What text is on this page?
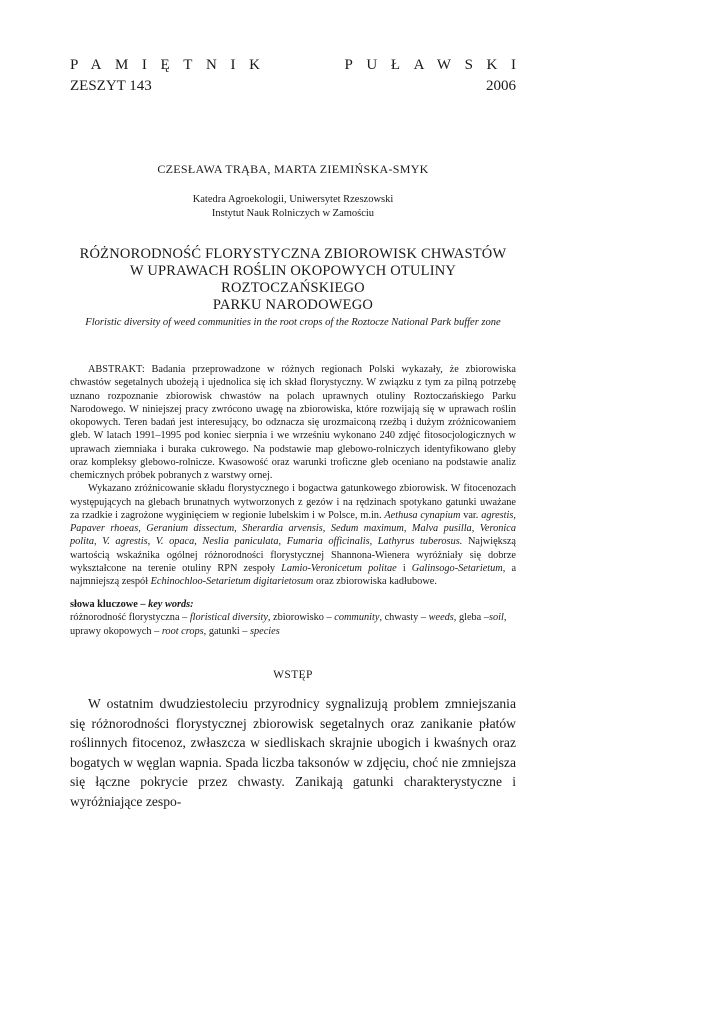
PAMIĘTNIK	PUŁAWSKI
ZESZYT 143	2006
CZESŁAWA TRĄBA, MARTA ZIEMIŃSKA-SMYK
Katedra Agroekologii, Uniwersytet Rzeszowski
Instytut Nauk Rolniczych w Zamościu
RÓŻNORODNOŚĆ FLORYSTYCZNA ZBIOROWISK CHWASTÓW
W UPRAWACH ROŚLIN OKOPOWYCH OTULINY ROZTOCZAŃSKIEGO
PARKU NARODOWEGO
Floristic diversity of weed communities in the root crops of the Roztocze National Park buffer zone

ABSTRAKT: Badania przeprowadzone w różnych regionach Polski wykazały, że zbiorowiska chwastów segetalnych ubożeją i ujednolica się ich skład florystyczny. W związku z tym za pilną potrzebę uznano rozpoznanie zbiorowisk chwastów na polach uprawnych otuliny Roztoczańskiego Parku Narodowego. W niniejszej pracy zwrócono uwagę na zbiorowiska, które rozwijają się w uprawach roślin okopowych. Teren badań jest interesujący, bo odznacza się urozmaiconą rzeźbą i dużym zróżnicowaniem gleb. W latach 1991–1995 pod koniec sierpnia i we wrześniu wykonano 240 zdjęć fitosocjologicznych w uprawach ziemniaka i buraka cukrowego. Na podstawie map glebowo-rolniczych identyfikowano gleby oraz kompleksy glebowo-rolnicze. Kwasowość oraz warunki troficzne gleb oceniano na podstawie analiz chemicznych próbek pobranych z warstwy ornej.

Wykazano zróżnicowanie składu florystycznego i bogactwa gatunkowego zbiorowisk. W fitocenozach występujących na glebach brunatnych wytworzonych z gezów i na rędzinach spotykano gatunki uważane za rzadkie i zagrożone wyginięciem w regionie lubelskim i w Polsce, m.in. Aethusa cynapium var. agrestis, Papaver rhoeas, Geranium dissectum, Sherardia arvensis, Sedum maximum, Malva pusilla, Veronica polita, V. agrestis, V. opaca, Neslia paniculata, Fumaria officinalis, Lathyrus tuberosus. Największą wartością wskaźnika ogólnej różnorodności florystycznej Shannona-Wienera wyróżniały się dobrze wykształcone na terenie otuliny RPN zespoły Lamio-Veronicetum politae i Galinsogo-Setarietum, a najmniejszą zespół Echinochloo-Setarietum digitarietosum oraz zbiorowiska kadłubowe.

słowa kluczowe – key words:
różnorodność florystyczna – floristical diversity, zbiorowisko – community, chwasty – weeds, gleba –soil, uprawy okopowych – root crops, gatunki – species
WSTĘP

W ostatnim dwudziestoleciu przyrodnicy sygnalizują problem zmniejszania się różnorodności florystycznej zbiorowisk segetalnych oraz zanikanie płatów roślinnych fitocenoz, zwłaszcza w siedliskach skrajnie ubogich i kwaśnych oraz bogatych w węglan wapnia. Spada liczba taksonów w zdjęciu, choć nie zmniejsza się łączne pokrycie przez chwasty. Zanikają gatunki charakterystyczne i wyróżniające zespo-
